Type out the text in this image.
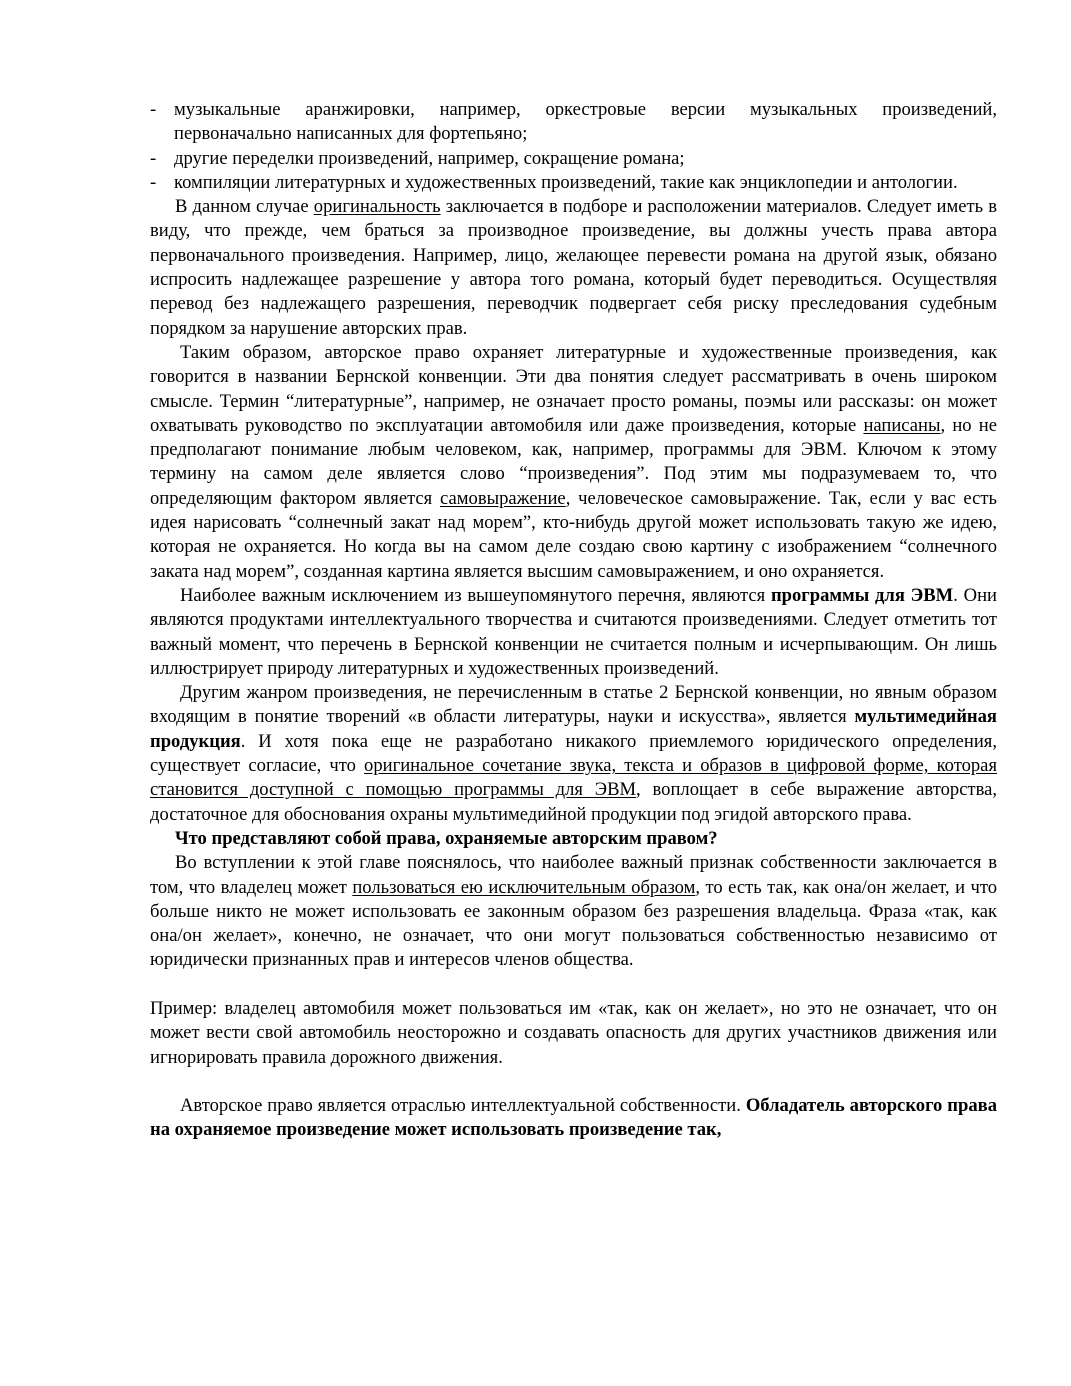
- музыкальные аранжировки, например, оркестровые версии музыкальных произведений, первоначально написанных для фортепьяно;
- другие переделки произведений, например, сокращение романа;
- компиляции литературных и художественных произведений, такие как энциклопедии и антологии.

В данном случае оригинальность заключается в подборе и расположении материалов. Следует иметь в виду, что прежде, чем браться за производное произведение, вы должны учесть права автора первоначального произведения. Например, лицо, желающее перевести романа на другой язык, обязано испросить надлежащее разрешение у автора того романа, который будет переводиться. Осуществляя перевод без надлежащего разрешения, переводчик подвергает себя риску преследования судебным порядком за нарушение авторских прав.

Таким образом, авторское право охраняет литературные и художественные произведения, как говорится в названии Бернской конвенции. Эти два понятия следует рассматривать в очень широком смысле. Термин “литературные”, например, не означает просто романы, поэмы или рассказы: он может охватывать руководство по эксплуатации автомобиля или даже произведения, которые написаны, но не предполагают понимание любым человеком, как, например, программы для ЭВМ. Ключом к этому термину на самом деле является слово “произведения”. Под этим мы подразумеваем то, что определяющим фактором является самовыражение, человеческое самовыражение. Так, если у вас есть идея нарисовать “солнечный закат над морем”, кто-нибудь другой может использовать такую же идею, которая не охраняется. Но когда вы на самом деле создаю свою картину с изображением “солнечного заката над морем”, созданная картина является высшим самовыражением, и оно охраняется.

Наиболее важным исключением из вышеупомянутого перечня, являются программы для ЭВМ. Они являются продуктами интеллектуального творчества и считаются произведениями. Следует отметить тот важный момент, что перечень в Бернской конвенции не считается полным и исчерпывающим. Он лишь иллюстрирует природу литературных и художественных произведений.

Другим жанром произведения, не перечисленным в статье 2 Бернской конвенции, но явным образом входящим в понятие творений «в области литературы, науки и искусства», является мультимедийная продукция. И хотя пока еще не разработано никакого приемлемого юридического определения, существует согласие, что оригинальное сочетание звука, текста и образов в цифровой форме, которая становится доступной с помощью программы для ЭВМ, воплощает в себе выражение авторства, достаточное для обоснования охраны мультимедийной продукции под эгидой авторского права.

Что представляют собой права, охраняемые авторским правом?

Во вступлении к этой главе пояснялось, что наиболее важный признак собственности заключается в том, что владелец может пользоваться ею исключительным образом, то есть так, как она/он желает, и что больше никто не может использовать ее законным образом без разрешения владельца. Фраза «так, как она/он желает», конечно, не означает, что они могут пользоваться собственностью независимо от юридически признанных прав и интересов членов общества.

Пример: владелец автомобиля может пользоваться им «так, как он желает», но это не означает, что он может вести свой автомобиль неосторожно и создавать опасность для других участников движения или игнорировать правила дорожного движения.

Авторское право является отраслью интеллектуальной собственности. Обладатель авторского права на охраняемое произведение может использовать произведение так,
